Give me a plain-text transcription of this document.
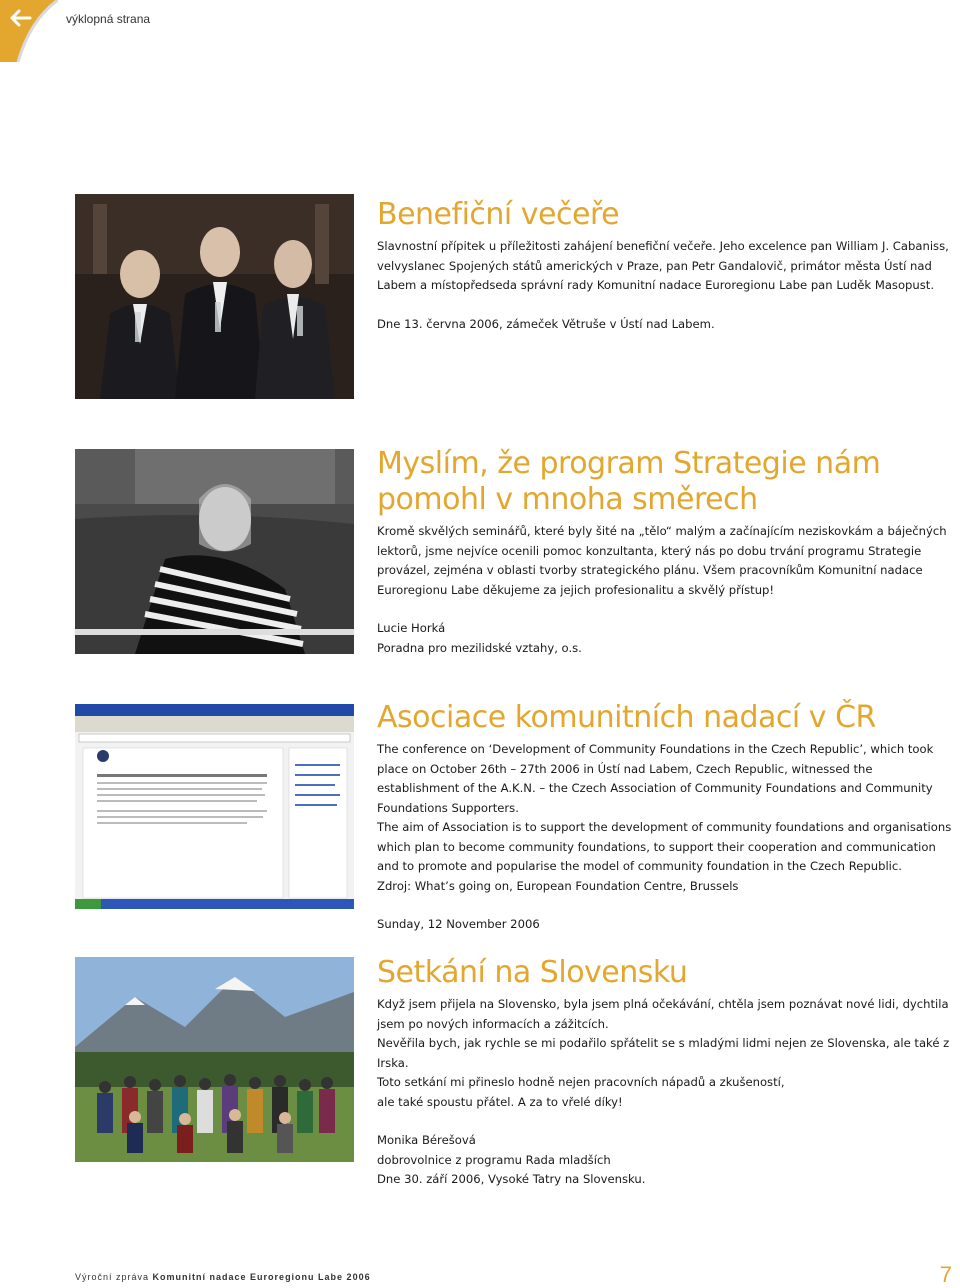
výklopná strana
Benefiční večeře

Slavnostní přípitek u příležitosti zahájení benefiční večeře. Jeho excelence pan William J. Cabaniss, velvyslanec Spojených států amerických v Praze, pan Petr Gandalovič, primátor města Ústí nad Labem a místopředseda správní rady Komunitní nadace Euroregionu Labe pan Luděk Masopust.

Dne 13. června 2006, zámeček Větruše v Ústí nad Labem.

Myslím, že program Strategie nám pomohl v mnoha směrech

Kromě skvělých seminářů, které byly šité na „tělo“ malým a začínajícím neziskovkám a báječných lektorů, jsme nejvíce ocenili pomoc konzultanta, který nás po dobu trvání programu Strategie provázel, zejména v oblasti tvorby strategického plánu. Všem pracovníkům Komunitní nadace Euroregionu Labe děkujeme za jejich profesionalitu a skvělý přístup!

Lucie Horká

Poradna pro mezilidské vztahy, o.s.

Asociace komunitních nadací v ČR

The conference on ‘Development of Community Foundations in the Czech Republic’, which took place on October 26th – 27th 2006 in Ústí nad Labem, Czech Republic, witnessed the establishment of the A.K.N. – the Czech Association of Community Foundations and Community Foundations Supporters.

The aim of Association is to support the development of community foundations and organisations which plan to become community foundations, to support their cooperation and communication and to promote and popularise the model of community foundation in the Czech Republic.

Zdroj: What’s going on, European Foundation Centre, Brussels

Sunday, 12 November 2006

Setkání na Slovensku

Když jsem přijela na Slovensko, byla jsem plná očekávání, chtěla jsem poznávat nové lidi, dychtila jsem po nových informacích a zážitcích.

Nevěřila bych, jak rychle se mi podařilo spřátelit se s mladými lidmi nejen ze Slovenska, ale také z Irska.

Toto setkání mi přineslo hodně nejen pracovních nápadů a zkušeností,

ale také spoustu přátel. A za to vřelé díky!

Monika Bérešová

dobrovolnice z programu Rada mladších

Dne 30. září 2006, Vysoké Tatry na Slovensku.

Výroční zpráva Komunitní nadace Euroregionu Labe 2006	7
